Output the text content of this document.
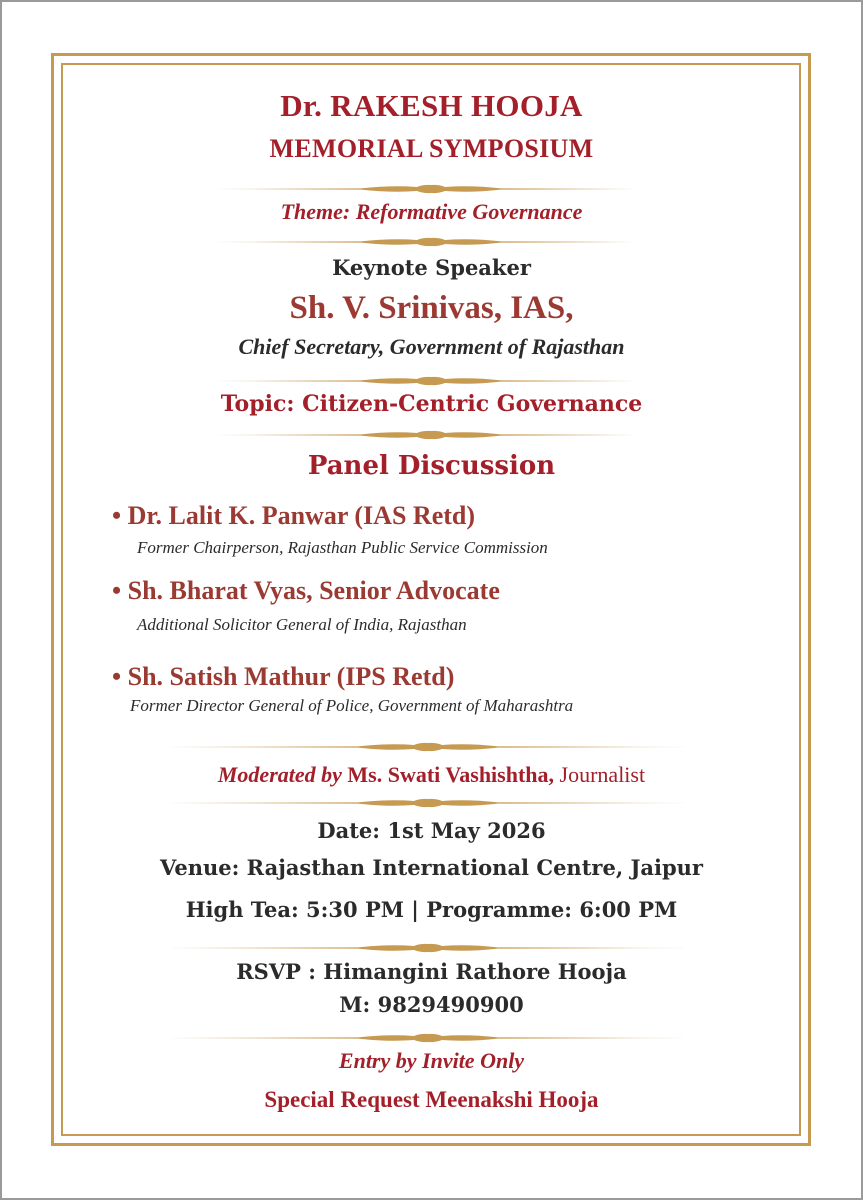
Dr. RAKESH HOOJA
MEMORIAL SYMPOSIUM
Theme: Reformative Governance
Keynote Speaker
Sh. V. Srinivas, IAS,
Chief Secretary, Government of Rajasthan
Topic: Citizen-Centric Governance
Panel Discussion
• Dr. Lalit K. Panwar (IAS Retd)
Former Chairperson, Rajasthan Public Service Commission
• Sh. Bharat Vyas, Senior Advocate
Additional Solicitor General of India, Rajasthan
• Sh. Satish Mathur (IPS Retd)
Former Director General of Police, Government of Maharashtra
Moderated by Ms. Swati Vashishtha, Journalist
Date: 1st May 2026
Venue: Rajasthan International Centre, Jaipur
High Tea: 5:30 PM | Programme: 6:00 PM
RSVP : Himangini Rathore Hooja
M: 9829490900
Entry by Invite Only
Special Request Meenakshi Hooja
